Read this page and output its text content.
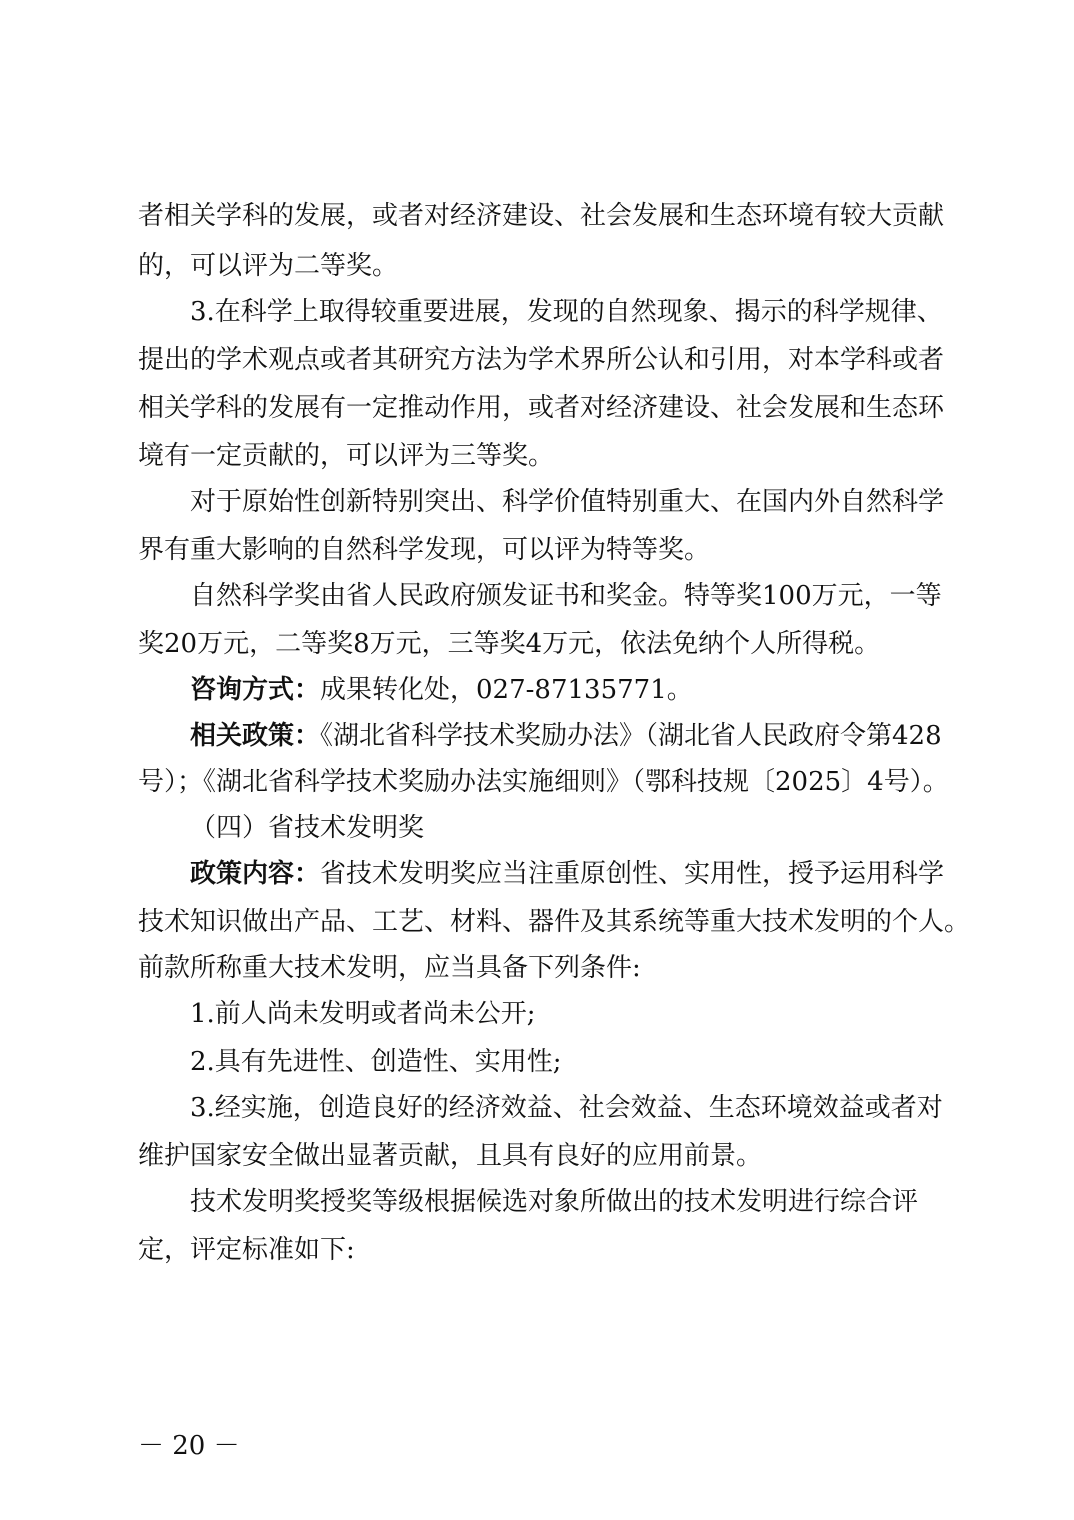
者相关学科的发展，或者对经济建设、社会发展和生态环境有较大贡献
的，可以评为二等奖。
3.在科学上取得较重要进展，发现的自然现象、揭示的科学规律、
提出的学术观点或者其研究方法为学术界所公认和引用，对本学科或者
相关学科的发展有一定推动作用，或者对经济建设、社会发展和生态环
境有一定贡献的，可以评为三等奖。
对于原始性创新特别突出、科学价值特别重大、在国内外自然科学
界有重大影响的自然科学发现，可以评为特等奖。
自然科学奖由省人民政府颁发证书和奖金。特等奖100万元，一等
奖20万元，二等奖8万元，三等奖4万元，依法免纳个人所得税。
咨询方式：成果转化处，027-87135771。
相关政策：《湖北省科学技术奖励办法》（湖北省人民政府令第428
号）；《湖北省科学技术奖励办法实施细则》（鄂科技规〔2025〕4号）。
（四）省技术发明奖
政策内容：省技术发明奖应当注重原创性、实用性，授予运用科学
技术知识做出产品、工艺、材料、器件及其系统等重大技术发明的个人。
前款所称重大技术发明，应当具备下列条件:
1.前人尚未发明或者尚未公开;
2.具有先进性、创造性、实用性;
3.经实施，创造良好的经济效益、社会效益、生态环境效益或者对
维护国家安全做出显著贡献，且具有良好的应用前景。
技术发明奖授奖等级根据候选对象所做出的技术发明进行综合评
定，评定标准如下:
－ 20 －
